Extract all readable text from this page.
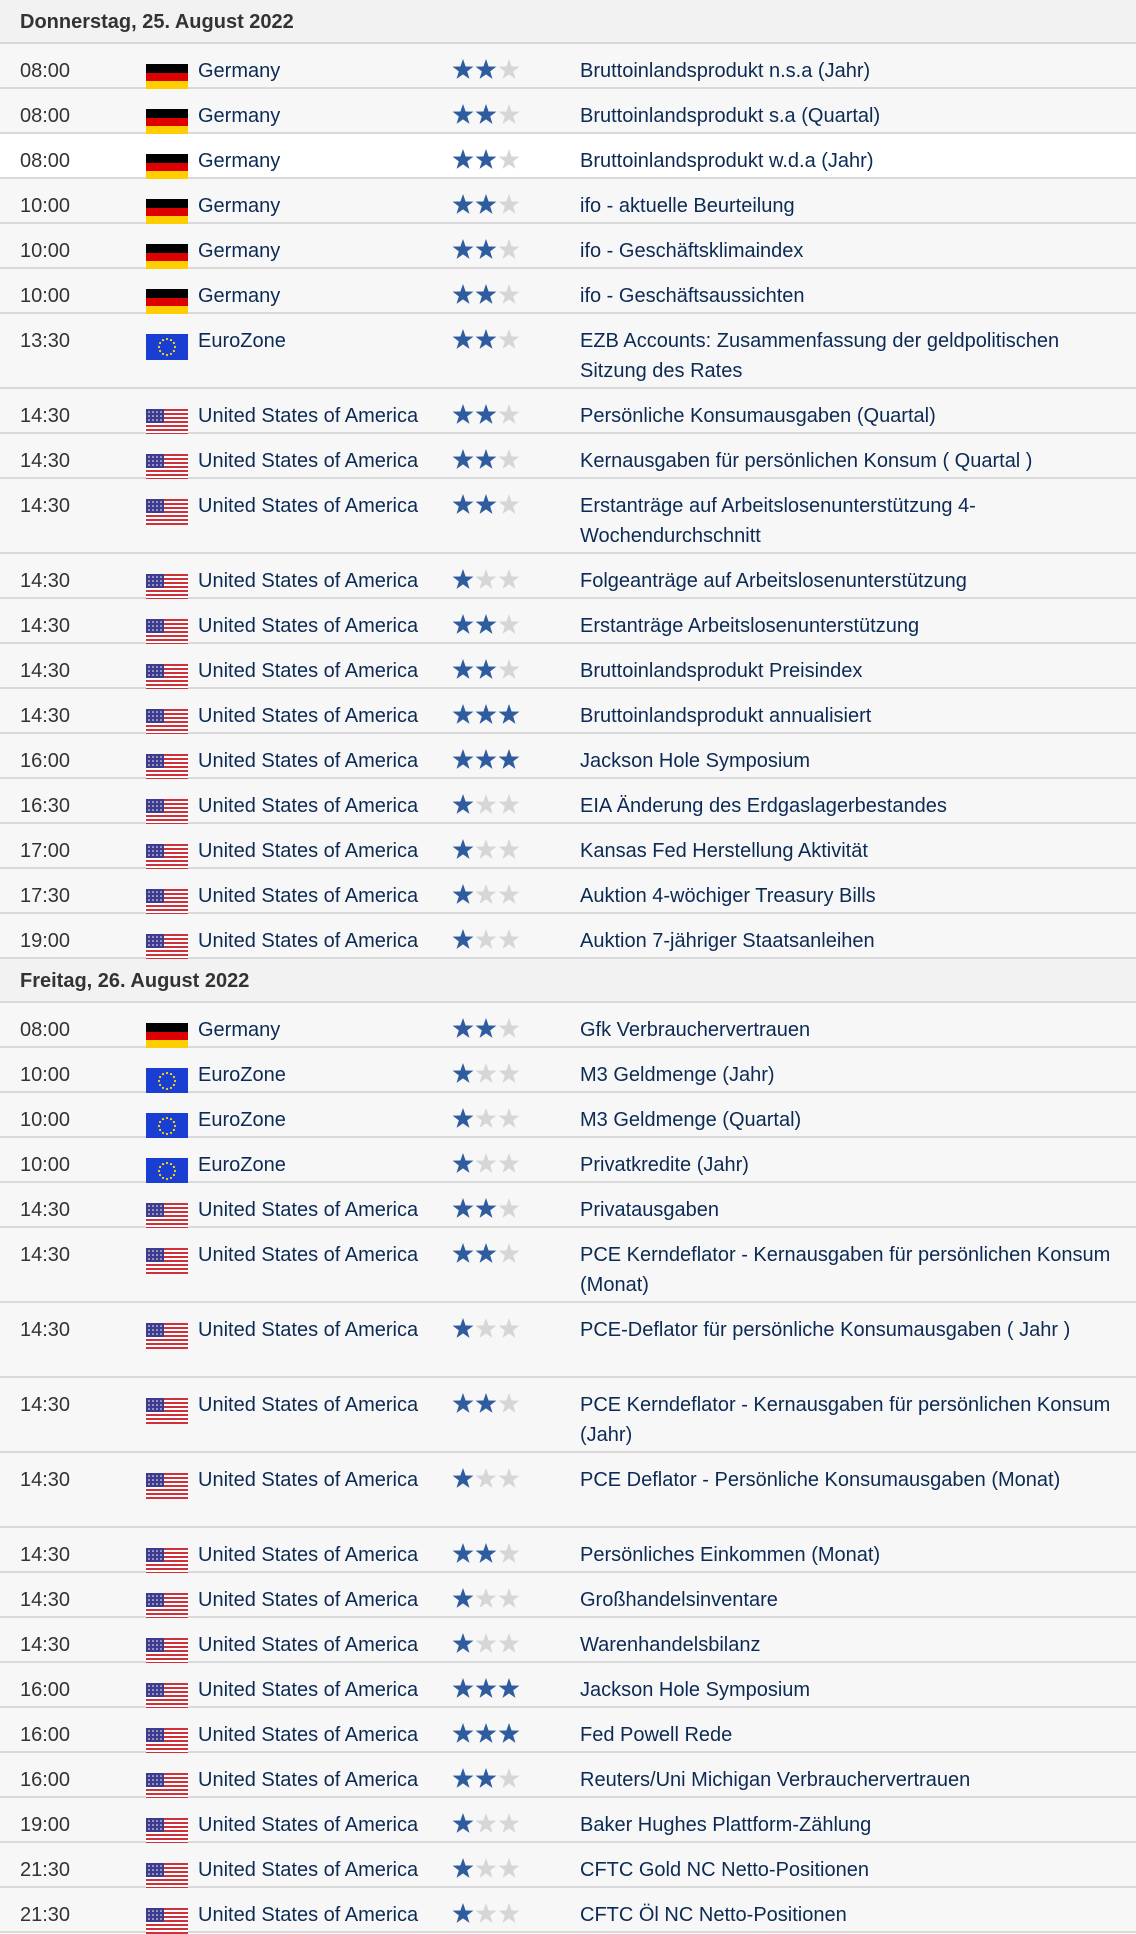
Donnerstag, 25. August 2022
08:00	Germany	Bruttoinlandsprodukt n.s.a (Jahr)
08:00	Germany	Bruttoinlandsprodukt s.a (Quartal)
08:00	Germany	Bruttoinlandsprodukt w.d.a (Jahr)
10:00	Germany	ifo - aktuelle Beurteilung
10:00	Germany	ifo - Geschäftsklimaindex
10:00	Germany	ifo - Geschäftsaussichten
13:30	EuroZone	EZB Accounts: Zusammenfassung der geldpolitischen Sitzung des Rates
14:30	United States of America	Persönliche Konsumausgaben (Quartal)
14:30	United States of America	Kernausgaben für persönlichen Konsum ( Quartal )
14:30	United States of America	Erstanträge auf Arbeitslosenunterstützung 4-Wochendurchschnitt
14:30	United States of America	Folgeanträge auf Arbeitslosenunterstützung
14:30	United States of America	Erstanträge Arbeitslosenunterstützung
14:30	United States of America	Bruttoinlandsprodukt Preisindex
14:30	United States of America	Bruttoinlandsprodukt annualisiert
16:00	United States of America	Jackson Hole Symposium
16:30	United States of America	EIA Änderung des Erdgaslagerbestandes
17:00	United States of America	Kansas Fed Herstellung Aktivität
17:30	United States of America	Auktion 4-wöchiger Treasury Bills
19:00	United States of America	Auktion 7-jähriger Staatsanleihen
Freitag, 26. August 2022
08:00	Germany	Gfk Verbrauchervertrauen
10:00	EuroZone	M3 Geldmenge (Jahr)
10:00	EuroZone	M3 Geldmenge (Quartal)
10:00	EuroZone	Privatkredite (Jahr)
14:30	United States of America	Privatausgaben
14:30	United States of America	PCE Kerndeflator - Kernausgaben für persönlichen Konsum (Monat)
14:30	United States of America	PCE-Deflator für persönliche Konsumausgaben ( Jahr )
14:30	United States of America	PCE Kerndeflator - Kernausgaben für persönlichen Konsum (Jahr)
14:30	United States of America	PCE Deflator - Persönliche Konsumausgaben (Monat)
14:30	United States of America	Persönliches Einkommen (Monat)
14:30	United States of America	Großhandelsinventare
14:30	United States of America	Warenhandelsbilanz
16:00	United States of America	Jackson Hole Symposium
16:00	United States of America	Fed Powell Rede
16:00	United States of America	Reuters/Uni Michigan Verbrauchervertrauen
19:00	United States of America	Baker Hughes Plattform-Zählung
21:30	United States of America	CFTC Gold NC Netto-Positionen
21:30	United States of America	CFTC Öl NC Netto-Positionen
